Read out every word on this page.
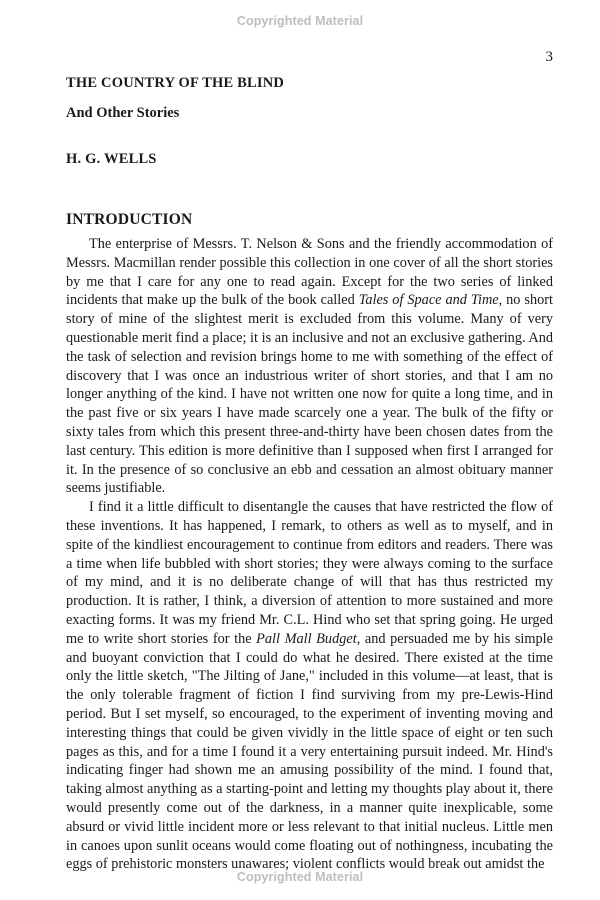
Copyrighted Material
3
THE COUNTRY OF THE BLIND
And Other Stories
H. G. WELLS
INTRODUCTION

The enterprise of Messrs. T. Nelson & Sons and the friendly accommodation of Messrs. Macmillan render possible this collection in one cover of all the short stories by me that I care for any one to read again. Except for the two series of linked incidents that make up the bulk of the book called Tales of Space and Time, no short story of mine of the slightest merit is excluded from this volume. Many of very questionable merit find a place; it is an inclusive and not an exclusive gathering. And the task of selection and revision brings home to me with something of the effect of discovery that I was once an industrious writer of short stories, and that I am no longer anything of the kind. I have not written one now for quite a long time, and in the past five or six years I have made scarcely one a year. The bulk of the fifty or sixty tales from which this present three-and-thirty have been chosen dates from the last century. This edition is more definitive than I supposed when first I arranged for it. In the presence of so conclusive an ebb and cessation an almost obituary manner seems justifiable.

I find it a little difficult to disentangle the causes that have restricted the flow of these inventions. It has happened, I remark, to others as well as to myself, and in spite of the kindliest encouragement to continue from editors and readers. There was a time when life bubbled with short stories; they were always coming to the surface of my mind, and it is no deliberate change of will that has thus restricted my production. It is rather, I think, a diversion of attention to more sustained and more exacting forms. It was my friend Mr. C.L. Hind who set that spring going. He urged me to write short stories for the Pall Mall Budget, and persuaded me by his simple and buoyant conviction that I could do what he desired. There existed at the time only the little sketch, "The Jilting of Jane," included in this volume—at least, that is the only tolerable fragment of fiction I find surviving from my pre-Lewis-Hind period. But I set myself, so encouraged, to the experiment of inventing moving and interesting things that could be given vividly in the little space of eight or ten such pages as this, and for a time I found it a very entertaining pursuit indeed. Mr. Hind's indicating finger had shown me an amusing possibility of the mind. I found that, taking almost anything as a starting-point and letting my thoughts play about it, there would presently come out of the darkness, in a manner quite inexplicable, some absurd or vivid little incident more or less relevant to that initial nucleus. Little men in canoes upon sunlit oceans would come floating out of nothingness, incubating the eggs of prehistoric monsters unawares; violent conflicts would break out amidst the

Copyrighted Material
